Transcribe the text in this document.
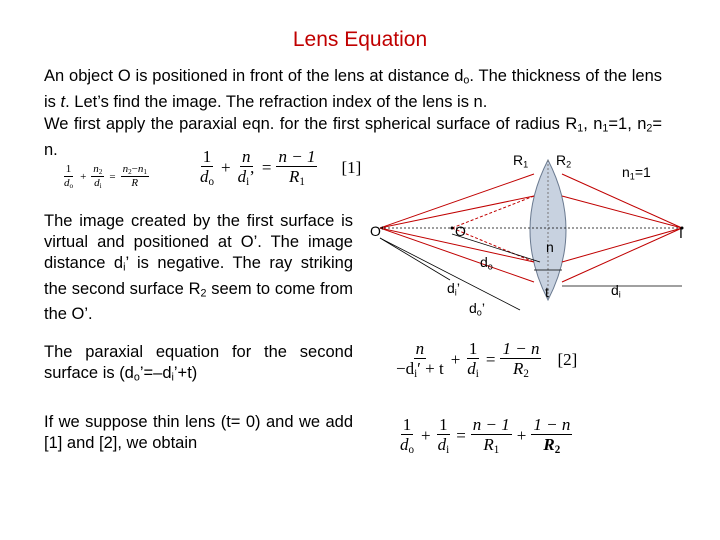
Lens Equation
An object O is positioned in front of the lens at distance $d_o$. The thickness of the lens is t. Let’s find the image. The refraction index of the lens is n.
We first apply the paraxial eqn. for the first spherical surface of radius $R_1$, $n_1=1$, $n_2= n$.
$\frac{1}{d_o} + \frac{n_2}{d_i} = \frac{n_2-n_1}{R}$	$\frac{1}{d_o} + \frac{n}{d_i’} = \frac{n - 1}{R_1} [1]$
The image created by the first surface is virtual and positioned at O’. The image distance $d_i$’ is negative. The ray striking the second surface $R_2$ seem to come from the O’.
The paraxial equation for the second surface is $(d_o’=-d_i’+t)$
If we suppose thin lens (t= 0) and we add [1] and [2], we obtain
$\frac{n}{-d_i' + t} + \frac{1}{d_i} = \frac{1 - n}{R_2} [2]$
$\frac{1}{d_o} + \frac{1}{d_i} = \frac{n - 1}{R_1} + \frac{1 - n}{R_2}$
$R_1$ $R_2$	$n_1=1$
O’	O
n
I
$d_o$
$d_i$’	t	$d_i$
$d_o$’
